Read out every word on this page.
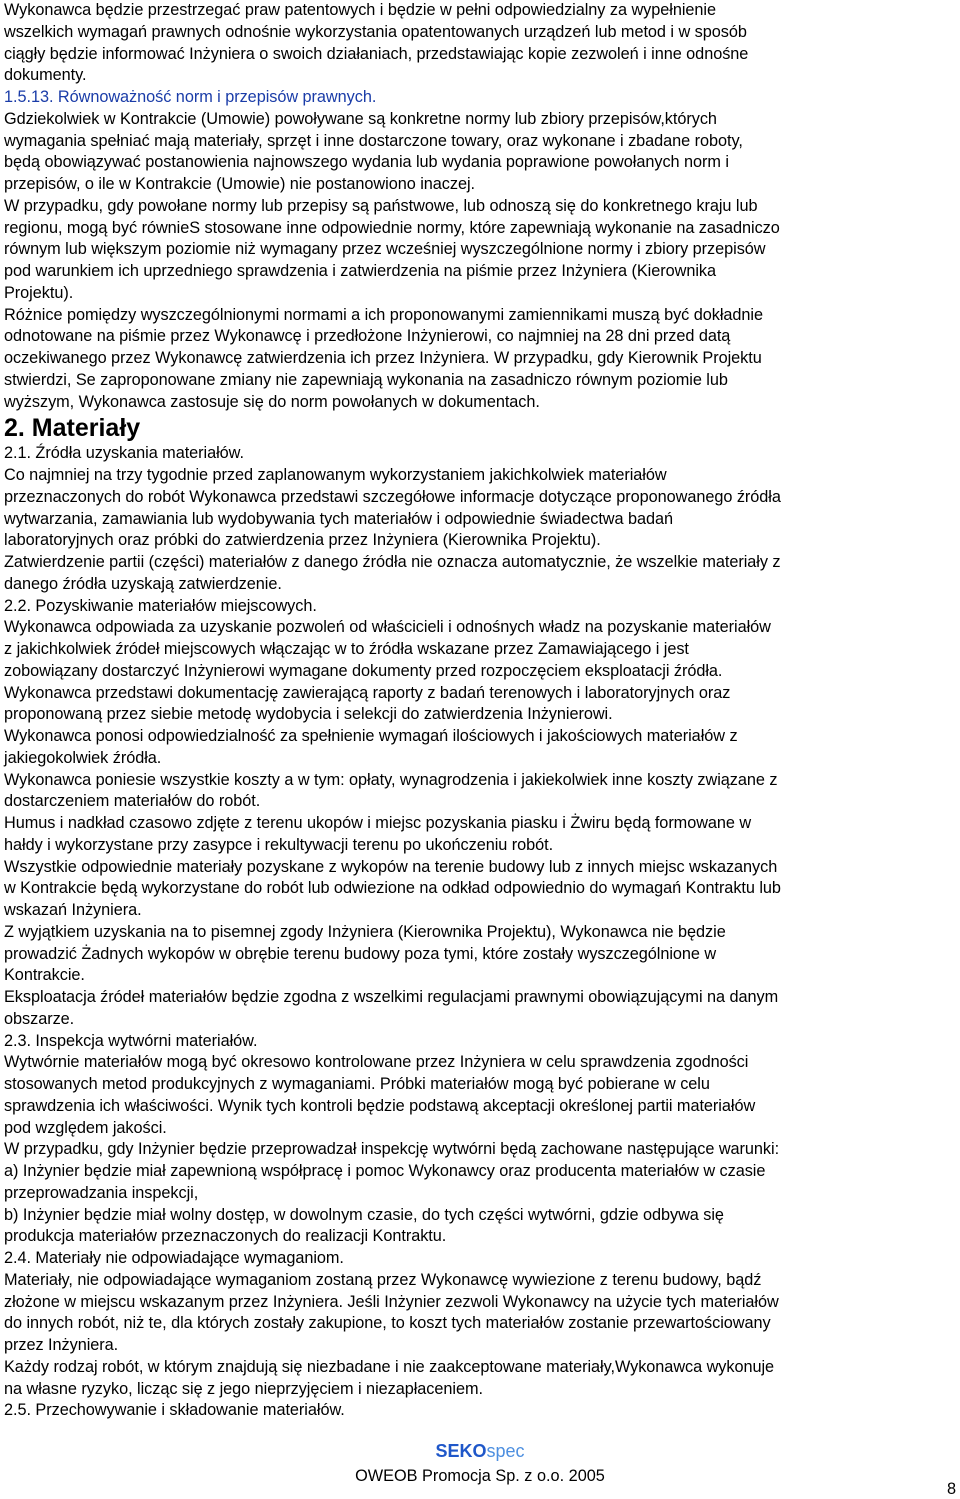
Wykonawca będzie przestrzegać praw patentowych i będzie w pełni odpowiedzialny za wypełnienie
wszelkich wymagań prawnych odnośnie wykorzystania opatentowanych urządzeń lub metod i w sposób
ciągły będzie informować Inżyniera o swoich działaniach, przedstawiając kopie zezwoleń i inne odnośne
dokumenty.
1.5.13. Równoważność norm i przepisów prawnych.
Gdziekolwiek w Kontrakcie (Umowie) powoływane są konkretne normy lub zbiory przepisów,których
wymagania spełniać mają materiały, sprzęt i inne dostarczone towary, oraz wykonane i zbadane roboty,
będą obowiązywać postanowienia najnowszego wydania lub wydania poprawione powołanych norm i
przepisów, o ile w Kontrakcie (Umowie) nie postanowiono inaczej.
W przypadku, gdy powołane normy lub przepisy są państwowe, lub odnoszą się do konkretnego kraju lub
regionu, mogą być równieS stosowane inne odpowiednie normy, które zapewniają wykonanie na zasadniczo
równym lub większym poziomie niż wymagany przez wcześniej wyszczególnione normy i zbiory przepisów
pod warunkiem ich uprzedniego sprawdzenia i zatwierdzenia na piśmie przez Inżyniera (Kierownika
Projektu).
Różnice pomiędzy wyszczególnionymi normami a ich proponowanymi zamiennikami muszą być dokładnie
odnotowane na piśmie przez Wykonawcę i przedłożone Inżynierowi, co najmniej na 28 dni przed datą
oczekiwanego przez Wykonawcę zatwierdzenia ich przez Inżyniera. W przypadku, gdy Kierownik Projektu
stwierdzi, Se zaproponowane zmiany nie zapewniają wykonania na zasadniczo równym poziomie lub
wyższym, Wykonawca zastosuje się do norm powołanych w dokumentach.
2. Materiały
2.1. Źródła uzyskania materiałów.
Co najmniej na trzy tygodnie przed zaplanowanym wykorzystaniem jakichkolwiek materiałów
przeznaczonych do robót Wykonawca przedstawi szczegółowe informacje dotyczące proponowanego źródła
wytwarzania, zamawiania lub wydobywania tych materiałów i odpowiednie świadectwa badań
laboratoryjnych oraz próbki do zatwierdzenia przez Inżyniera (Kierownika Projektu).
Zatwierdzenie partii (części) materiałów z danego źródła nie oznacza automatycznie, że wszelkie materiały z
danego źródła uzyskają zatwierdzenie.
2.2. Pozyskiwanie materiałów miejscowych.
Wykonawca odpowiada za uzyskanie pozwoleń od właścicieli i odnośnych władz na pozyskanie materiałów
z jakichkolwiek źródeł miejscowych włączając w to źródła wskazane przez Zamawiającego i jest
zobowiązany dostarczyć Inżynierowi wymagane dokumenty przed rozpoczęciem eksploatacji źródła.
Wykonawca przedstawi dokumentację zawierającą raporty z badań terenowych i laboratoryjnych oraz
proponowaną przez siebie metodę wydobycia i selekcji do zatwierdzenia Inżynierowi.
Wykonawca ponosi odpowiedzialność za spełnienie wymagań ilościowych i jakościowych materiałów z
jakiegokolwiek źródła.
Wykonawca poniesie wszystkie koszty a w tym: opłaty, wynagrodzenia i jakiekolwiek inne koszty związane z
dostarczeniem materiałów do robót.
Humus i nadkład czasowo zdjęte z terenu ukopów i miejsc pozyskania piasku i Żwiru będą formowane w
hałdy i wykorzystane przy zasypce i rekultywacji terenu po ukończeniu robót.
Wszystkie odpowiednie materiały pozyskane z wykopów na terenie budowy lub z innych miejsc wskazanych
w Kontrakcie będą wykorzystane do robót lub odwiezione na odkład odpowiednio do wymagań Kontraktu lub
wskazań Inżyniera.
Z wyjątkiem uzyskania na to pisemnej zgody Inżyniera (Kierownika Projektu), Wykonawca nie będzie
prowadzić Żadnych wykopów w obrębie terenu budowy poza tymi, które zostały wyszczególnione w
Kontrakcie.
Eksploatacja źródeł materiałów będzie zgodna z wszelkimi regulacjami prawnymi obowiązującymi na danym
obszarze.
2.3. Inspekcja wytwórni materiałów.
Wytwórnie materiałów mogą być okresowo kontrolowane przez Inżyniera w celu sprawdzenia zgodności
stosowanych metod produkcyjnych z wymaganiami. Próbki materiałów mogą być pobierane w celu
sprawdzenia ich właściwości. Wynik tych kontroli będzie podstawą akceptacji określonej partii materiałów
pod względem jakości.
W przypadku, gdy Inżynier będzie przeprowadzał inspekcję wytwórni będą zachowane następujące warunki:
a) Inżynier będzie miał zapewnioną współpracę i pomoc Wykonawcy oraz producenta materiałów w czasie
przeprowadzania inspekcji,
b) Inżynier będzie miał wolny dostęp, w dowolnym czasie, do tych części wytwórni, gdzie odbywa się
produkcja materiałów przeznaczonych do realizacji Kontraktu.
2.4. Materiały nie odpowiadające wymaganiom.
Materiały, nie odpowiadające wymaganiom zostaną przez Wykonawcę wywiezione z terenu budowy, bądź
złożone w miejscu wskazanym przez Inżyniera. Jeśli Inżynier zezwoli Wykonawcy na użycie tych materiałów
do innych robót, niż te, dla których zostały zakupione, to koszt tych materiałów zostanie przewartościowany
przez Inżyniera.
Każdy rodzaj robót, w którym znajdują się niezbadane i nie zaakceptowane materiały,Wykonawca wykonuje
na własne ryzyko, licząc się z jego nieprzyjęciem i niezapłaceniem.
2.5. Przechowywanie i składowanie materiałów.
SEKOspec
OWEOB Promocja Sp. z o.o. 2005
8
